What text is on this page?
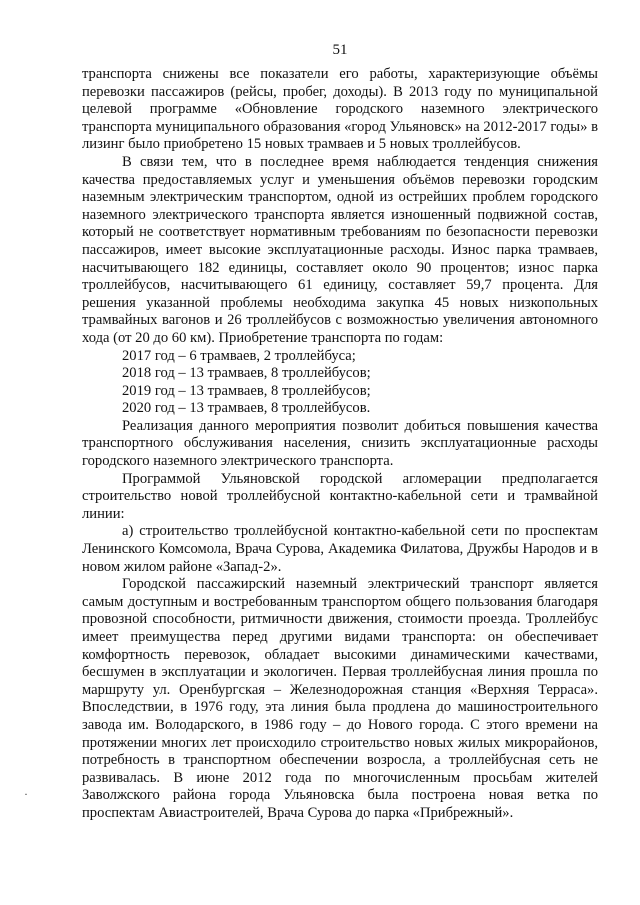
51

транспорта снижены все показатели его работы, характеризующие объёмы перевозки пассажиров (рейсы, пробег, доходы). В 2013 году по муниципальной целевой программе «Обновление городского наземного электрического транспорта муниципального образования «город Ульяновск» на 2012-2017 годы» в лизинг было приобретено 15 новых трамваев и 5 новых троллейбусов.

В связи тем, что в последнее время наблюдается тенденция снижения качества предоставляемых услуг и уменьшения объёмов перевозки городским наземным электрическим транспортом, одной из острейших проблем городского наземного электрического транспорта является изношенный подвижной состав, который не соответствует нормативным требованиям по безопасности перевозки пассажиров, имеет высокие эксплуатационные расходы. Износ парка трамваев, насчитывающего 182 единицы, составляет около 90 процентов; износ парка троллейбусов, насчитывающего 61 единицу, составляет 59,7 процента. Для решения указанной проблемы необходима закупка 45 новых низкопольных трамвайных вагонов и 26 троллейбусов с возможностью увеличения автономного хода (от 20 до 60 км). Приобретение транспорта по годам:

2017 год – 6 трамваев, 2 троллейбуса;

2018 год – 13 трамваев, 8 троллейбусов;

2019 год – 13 трамваев, 8 троллейбусов;

2020 год – 13 трамваев, 8 троллейбусов.

Реализация данного мероприятия позволит добиться повышения качества транспортного обслуживания населения, снизить эксплуатационные расходы городского наземного электрического транспорта.

Программой Ульяновской городской агломерации предполагается строительство новой троллейбусной контактно-кабельной сети и трамвайной линии:

а) строительство троллейбусной контактно-кабельной сети по проспектам Ленинского Комсомола, Врача Сурова, Академика Филатова, Дружбы Народов и в новом жилом районе «Запад-2».

Городской пассажирский наземный электрический транспорт является самым доступным и востребованным транспортом общего пользования благодаря провозной способности, ритмичности движения, стоимости проезда. Троллейбус имеет преимущества перед другими видами транспорта: он обеспечивает комфортность перевозок, обладает высокими динамическими качествами, бесшумен в эксплуатации и экологичен. Первая троллейбусная линия прошла по маршруту ул. Оренбургская – Железнодорожная станция «Верхняя Терраса». Впоследствии, в 1976 году, эта линия была продлена до машиностроительного завода им. Володарского, в 1986 году – до Нового города. С этого времени на протяжении многих лет происходило строительство новых жилых микрорайонов, потребность в транспортном обеспечении возросла, а троллейбусная сеть не развивалась. В июне 2012 года по многочисленным просьбам жителей Заволжского района города Ульяновска была построена новая ветка по проспектам Авиастроителей, Врача Сурова до парка «Прибрежный».

·
